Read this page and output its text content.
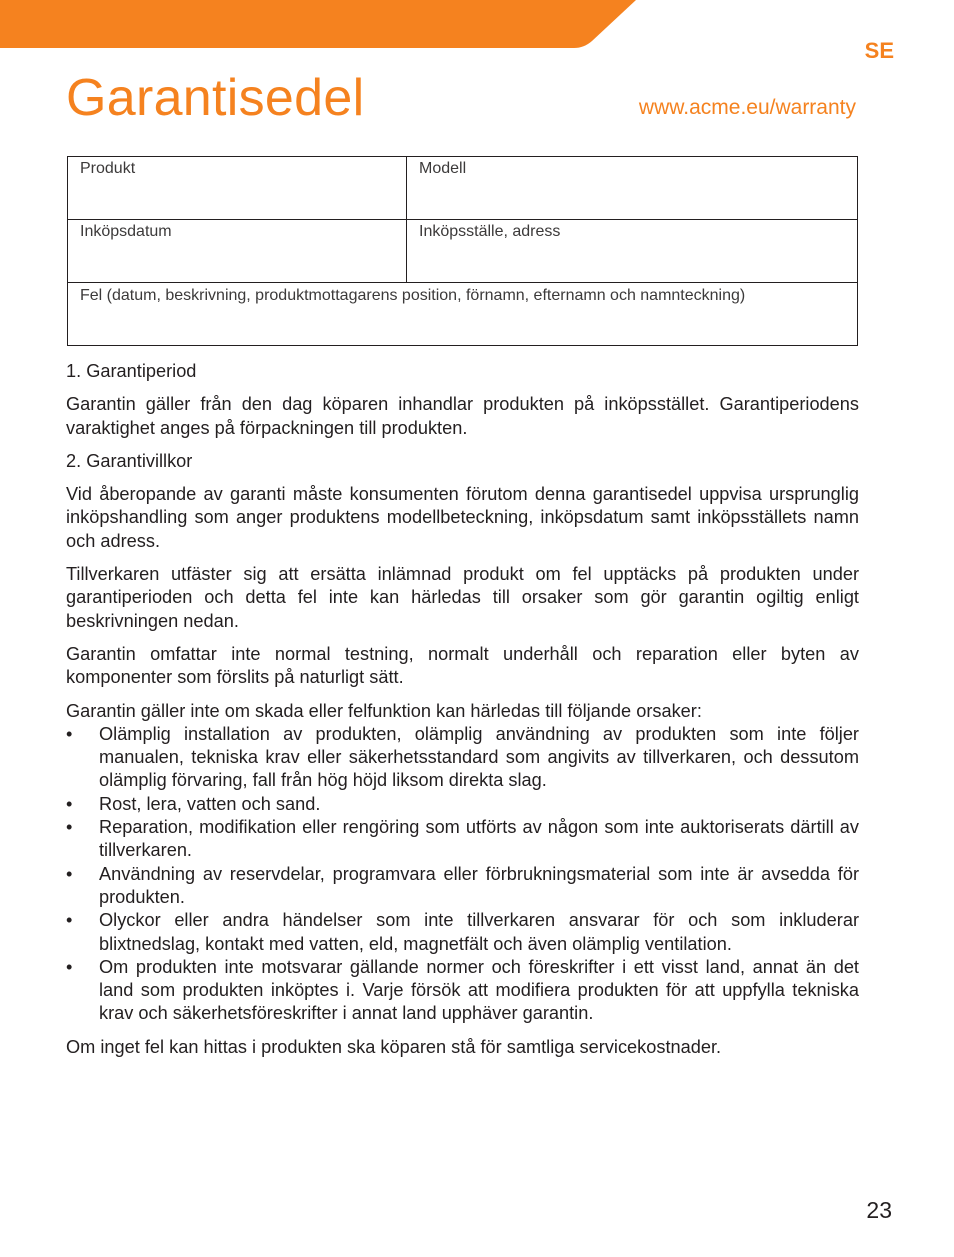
SE
Garantisedel	www.acme.eu/warranty
Produkt	Modell
Inköpsdatum	Inköpsställe, adress
Fel (datum, beskrivning, produktmottagarens position, förnamn, efternamn och namnteckning)	

1. Garantiperiod

Garantin gäller från den dag köparen inhandlar produkten på inköpsstället. Garantiperiodens varaktighet anges på förpackningen till produkten.

2. Garantivillkor

Vid åberopande av garanti måste konsumenten förutom denna garantisedel uppvisa ursprunglig inköpshandling som anger produktens modellbeteckning, inköpsdatum samt inköpsställets namn och adress.

Tillverkaren utfäster sig att ersätta inlämnad produkt om fel upptäcks på produkten under garantiperioden och detta fel inte kan härledas till orsaker som gör garantin ogiltig enligt beskrivningen nedan.

Garantin omfattar inte normal testning, normalt underhåll och reparation eller byten av komponenter som förslits på naturligt sätt.

Garantin gäller inte om skada eller felfunktion kan härledas till följande orsaker:

• Olämplig installation av produkten, olämplig användning av produkten som inte följer manualen, tekniska krav eller säkerhetsstandard som angivits av tillverkaren, och dessutom olämplig förvaring, fall från hög höjd liksom direkta slag.
• Rost, lera, vatten och sand.
• Reparation, modifikation eller rengöring som utförts av någon som inte auktoriserats därtill av tillverkaren.
• Användning av reservdelar, programvara eller förbrukningsmaterial som inte är avsedda för produkten.
• Olyckor eller andra händelser som inte tillverkaren ansvarar för och som inkluderar blixtnedslag, kontakt med vatten, eld, magnetfält och även olämplig ventilation.
• Om produkten inte motsvarar gällande normer och föreskrifter i ett visst land, annat än det land som produkten inköptes i. Varje försök att modifiera produkten för att uppfylla tekniska krav och säkerhetsföreskrifter i annat land upphäver garantin.

Om inget fel kan hittas i produkten ska köparen stå för samtliga servicekostnader.

23
